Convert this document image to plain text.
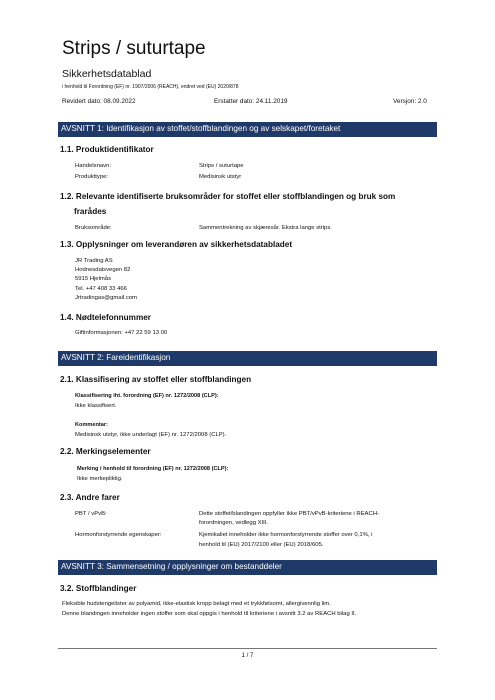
Strips / suturtape
Sikkerhetsdatablad
i henhold til Forordning (EF) nr. 1907/2006 (REACH), endret ved (EU) 2020/878
Revidert dato: 08.09.2022	Erstatter dato: 24.11.2019	Versjon: 2.0
AVSNITT 1: Identifikasjon av stoffet/stoffblandingen og av selskapet/foretaket
1.1. Produktidentifikator
Handelsnavn:	Strips / suturtape
Produkttype:	Medisinsk utstyr
1.2. Relevante identifiserte bruksområder for stoffet eller stoffblandingen og bruk som
frarådes
Bruksområde:	Sammentrekning av skjæresår. Ekstra lange strips.
1.3. Opplysninger om leverandøren av sikkerhetsdatabladet
JR Trading AS
Hodnesdalsvegen 82
5915 Hjelmås
Tel. +47 408 33 466
Jrtradingas@gmail.com
1.4. Nødtelefonnummer
Giftinformasjonen: +47 22 59 13 00
AVSNITT 2: Fareidentifikasjon
2.1. Klassifisering av stoffet eller stoffblandingen
Klassifisering iht. forordning (EF) nr. 1272/2008 (CLP):
Ikke klassifisert.
Kommentar:
Medisinsk utstyr, ikke underlagt (EF) nr. 1272/2008 (CLP).
2.2. Merkingselementer
Merking i henhold til forordning (EF) nr. 1272/2008 (CLP):
Ikke merkepliktig.
2.3. Andre farer
PBT / vPvB:	Dette stoffet/blandingen oppfyller ikke PBT/vPvB-kriteriene i REACH-
forordningen, vedlegg XIII.
Hormonforstyrrende egenskaper:	Kjemikaliet inneholder ikke hormonforstyrrende stoffer over 0,1%, i
henhold til (EU) 2017/2100 eller (EU) 2018/605.
AVSNITT 3: Sammensetning / opplysninger om bestanddeler
3.2. Stoffblandinger
Fleksible hudstengelister av polyamid, ikke-elastisk kropp belagt med et trykkfølsomt, allergivennlig lim.
Denne blandingen inneholder ingen stoffer som skal oppgis i henhold til kriteriene i avsnitt 3.2 av REACH bilag II.
1 / 7
